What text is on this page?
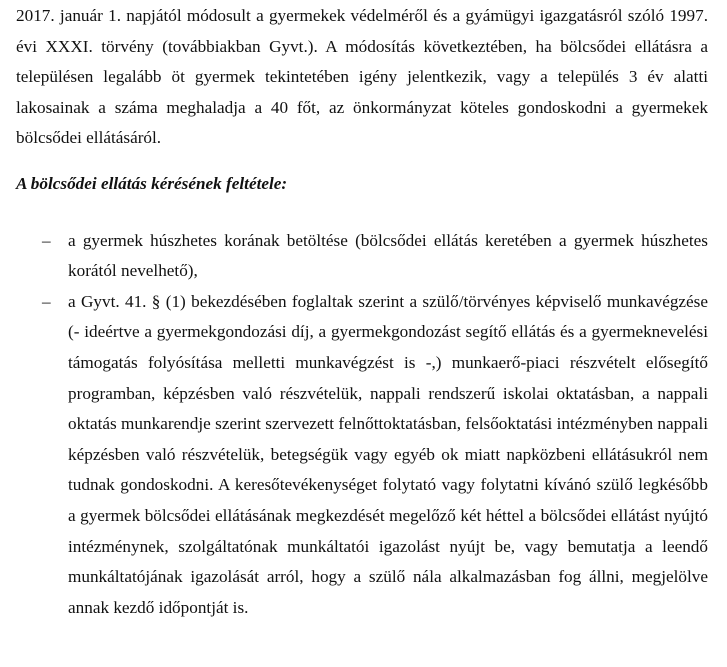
2017. január 1. napjától módosult a gyermekek védelméről és a gyámügyi igazgatásról szóló 1997. évi XXXI. törvény (továbbiakban Gyvt.). A módosítás következtében, ha bölcsődei ellátásra a településen legalább öt gyermek tekintetében igény jelentkezik, vagy a település 3 év alatti lakosainak a száma meghaladja a 40 főt, az önkormányzat köteles gondoskodni a gyermekek bölcsődei ellátásáról.

A bölcsődei ellátás kérésének feltétele:

– a gyermek húszhetes korának betöltése (bölcsődei ellátás keretében a gyermek húszhetes korától nevelhető),
– a Gyvt. 41. § (1) bekezdésében foglaltak szerint a szülő/törvényes képviselő munkavégzése (- ideértve a gyermekgondozási díj, a gyermekgondozást segítő ellátás és a gyermeknevelési támogatás folyósítása melletti munkavégzést is -,) munkaerő-piaci részvételt elősegítő programban, képzésben való részvételük, nappali rendszerű iskolai oktatásban, a nappali oktatás munkarendje szerint szervezett felnőttoktatásban, felsőoktatási intézményben nappali képzésben való részvételük, betegségük vagy egyéb ok miatt napközbeni ellátásukról nem tudnak gondoskodni. A keresőtevékenységet folytató vagy folytatni kívánó szülő legkésőbb a gyermek bölcsődei ellátásának megkezdését megelőző két héttel a bölcsődei ellátást nyújtó intézménynek, szolgáltatónak munkáltatói igazolást nyújt be, vagy bemutatja a leendő munkáltatójának igazolását arról, hogy a szülő nála alkalmazásban fog állni, megjelölve annak kezdő időpontját is.
